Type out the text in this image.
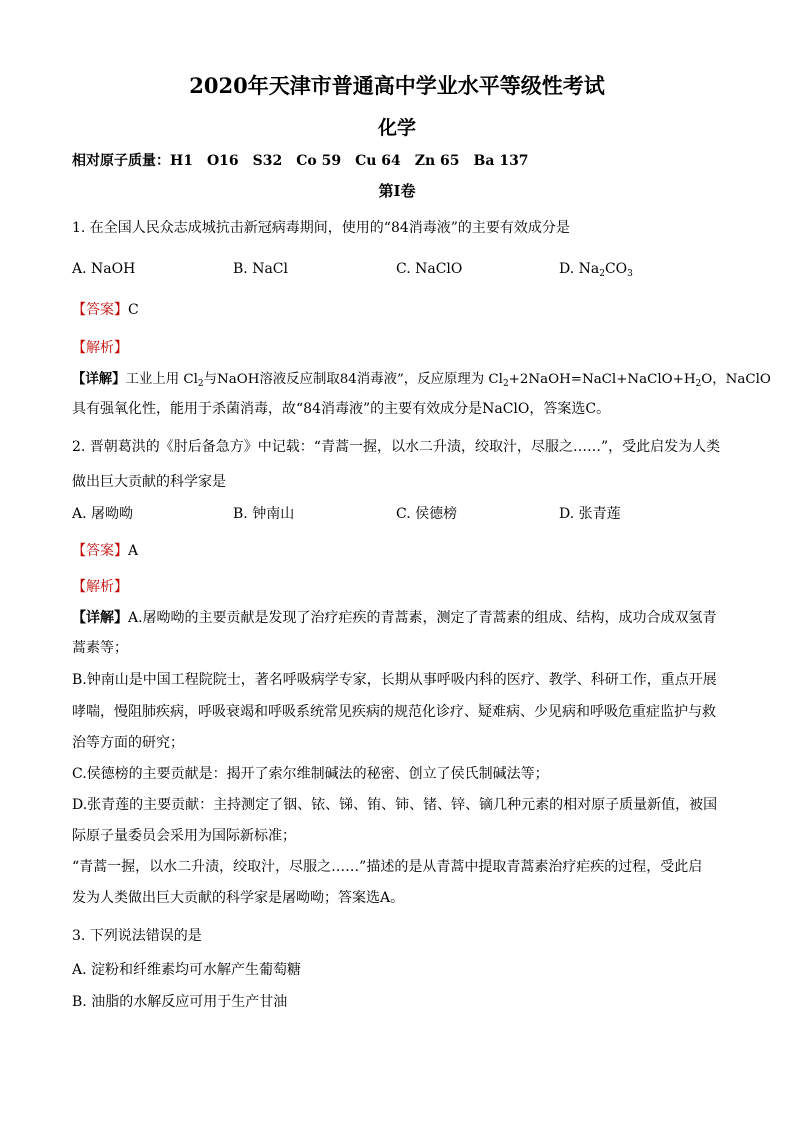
2020年天津市普通高中学业水平等级性考试
化学
相对原子质量：H1 O16 S32 Co 59 Cu 64 Zn 65 Ba 137
第I卷
1. 在全国人民众志成城抗击新冠病毒期间，使用的“84消毒液”的主要有效成分是
A. NaOH	B. NaCl	C. NaClO	D. $Na_2CO_3$
【答案】C
【解析】
【详解】工业上用 $Cl_2$与NaOH溶液反应制取84消毒液”，反应原理为 $Cl_2+2NaOH=NaCl+NaClO+H_2O$，NaClO
具有强氧化性，能用于杀菌消毒，故“84消毒液”的主要有效成分是NaClO，答案选C。
2. 晋朝葛洪的《肘后备急方》中记载：“青蒿一握，以水二升渍，绞取汁，尽服之……”，受此启发为人类
做出巨大贡献的科学家是
A. 屠呦呦	B. 钟南山	C. 侯德榜	D. 张青莲
【答案】A
【解析】
【详解】A.屠呦呦的主要贡献是发现了治疗疟疾的青蒿素，测定了青蒿素的组成、结构，成功合成双氢青
蒿素等；
B.钟南山是中国工程院院士，著名呼吸病学专家，长期从事呼吸内科的医疗、教学、科研工作，重点开展
哮喘，慢阻肺疾病，呼吸衰竭和呼吸系统常见疾病的规范化诊疗、疑难病、少见病和呼吸危重症监护与救
治等方面的研究；
C.侯德榜的主要贡献是：揭开了索尔维制碱法的秘密、创立了侯氏制碱法等；
D.张青莲的主要贡献：主持测定了铟、铱、锑、铕、铈、锗、锌、镝几种元素的相对原子质量新值，被国
际原子量委员会采用为国际新标准；
“青蒿一握，以水二升渍，绞取汁，尽服之……”描述的是从青蒿中提取青蒿素治疗疟疾的过程，受此启
发为人类做出巨大贡献的科学家是屠呦呦；答案选A。
3. 下列说法错误的是
A. 淀粉和纤维素均可水解产生葡萄糖
B. 油脂的水解反应可用于生产甘油
